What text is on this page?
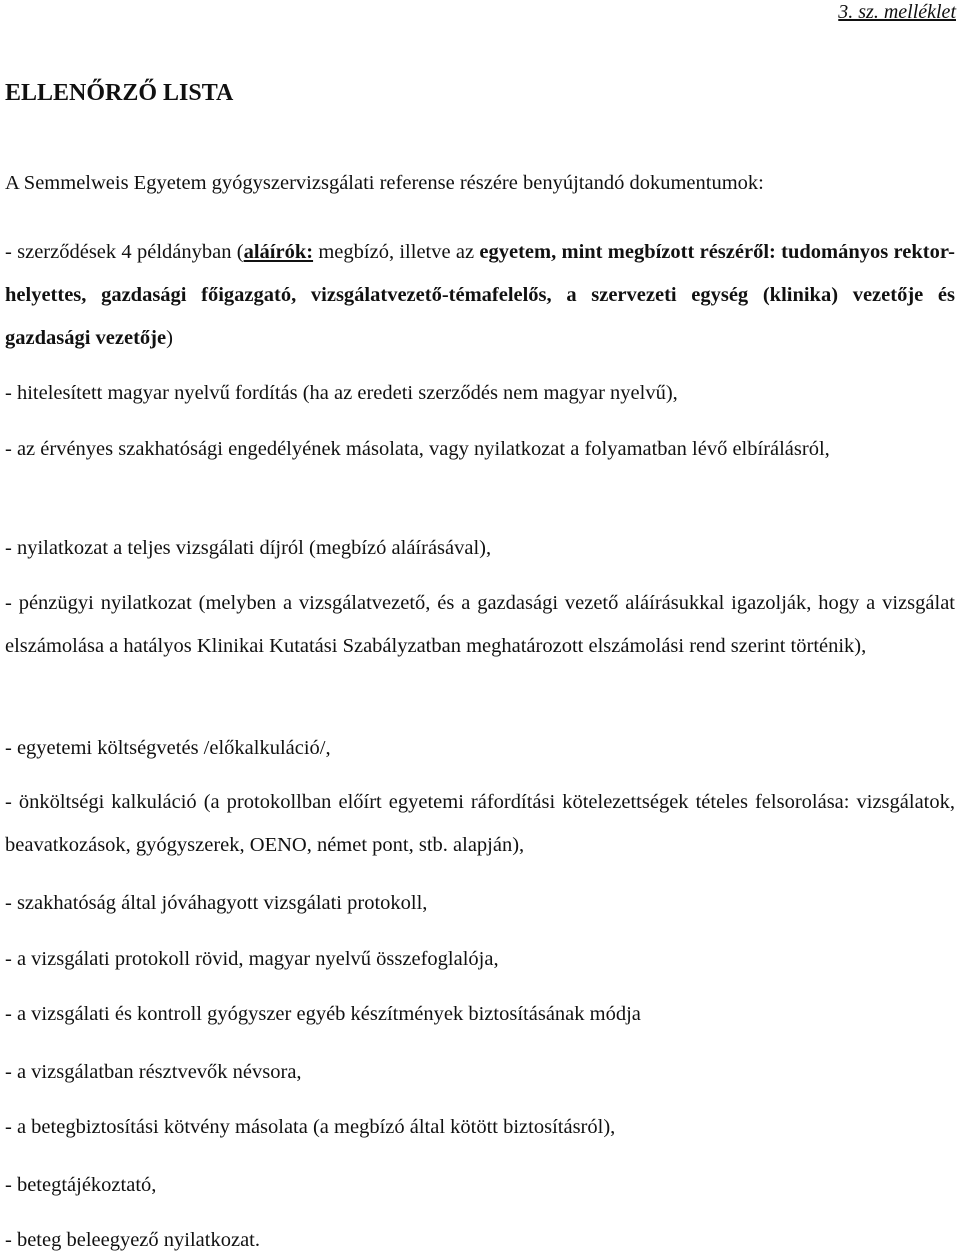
3. sz. melléklet
ELLENŐRZŐ LISTA

A Semmelweis Egyetem gyógyszervizsgálati referense részére benyújtandó dokumentumok:

- szerződések 4 példányban (aláírók: megbízó, illetve az egyetem, mint megbízott részéről: tudományos rektor-helyettes, gazdasági főigazgató, vizsgálatvezető-témafelelős, a szervezeti egység (klinika) vezetője és gazdasági vezetője)

- hitelesített magyar nyelvű fordítás (ha az eredeti szerződés nem magyar nyelvű),

- az érvényes szakhatósági engedélyének másolata, vagy nyilatkozat a folyamatban lévő elbírálásról,

- nyilatkozat a teljes vizsgálati díjról (megbízó aláírásával),

- pénzügyi nyilatkozat (melyben a vizsgálatvezető, és a gazdasági vezető aláírásukkal igazolják, hogy a vizsgálat elszámolása a hatályos Klinikai Kutatási Szabályzatban meghatározott elszámolási rend szerint történik),

- egyetemi költségvetés /előkalkuláció/,

- önköltségi kalkuláció (a protokollban előírt egyetemi ráfordítási kötelezettségek tételes felsorolása: vizsgálatok, beavatkozások, gyógyszerek, OENO, német pont, stb. alapján),

- szakhatóság által jóváhagyott vizsgálati protokoll,

- a vizsgálati protokoll rövid, magyar nyelvű összefoglalója,

- a vizsgálati és kontroll gyógyszer egyéb készítmények biztosításának módja

- a vizsgálatban résztvevők névsora,

- a betegbiztosítási kötvény másolata (a megbízó által kötött biztosításról),

- betegtájékoztató,

- beteg beleegyező nyilatkozat.
